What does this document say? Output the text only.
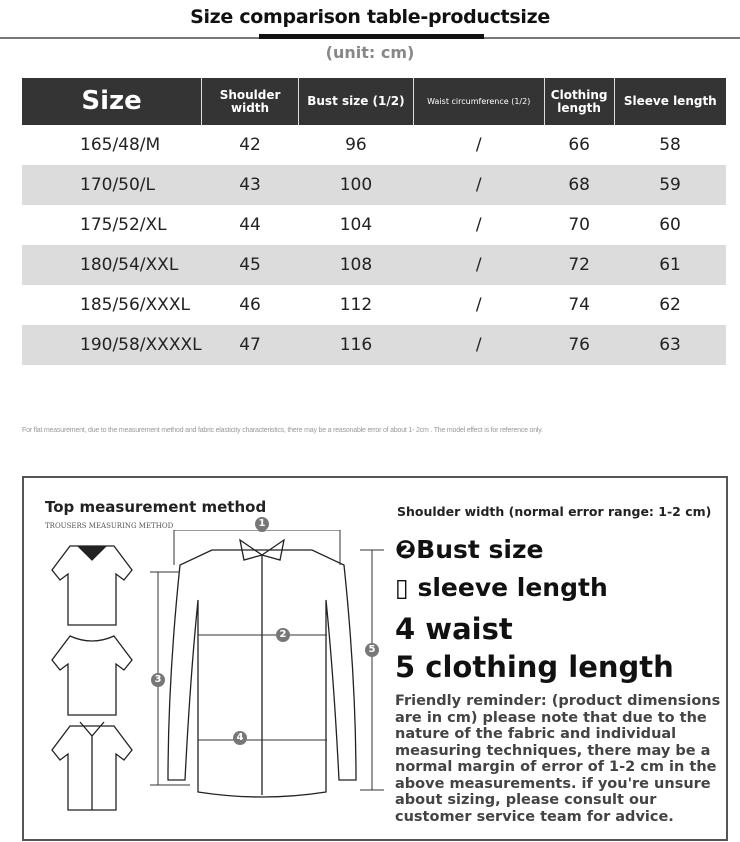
Size comparison table-productsize
(unit: cm)
Size	Shoulder width	Bust size (1/2)	Waist circumference (1/2)	Clothing length	Sleeve length
165/48/M	42	96	/	66	58
170/50/L	43	100	/	68	59
175/52/XL	44	104	/	70	60
180/54/XXL	45	108	/	72	61
185/56/XXXL	46	112	/	74	62
190/58/XXXXL	47	116	/	76	63
For flat measurement, due to the measurement method and fabric elasticity characteristics, there may be a reasonable error of about 1- 2cm . The model effect is for reference only.
Top measurement method
TROUSERS MEASURING METHOD	1
2
3
4
5
Shoulder width (normal error range: 1-2 cm)
❷Bust size
▯ sleeve length
4 waist
5 clothing length
Friendly reminder: (product dimensions are in cm) please note that due to the nature of the fabric and individual measuring techniques, there may be a normal margin of error of 1-2 cm in the above measurements. if you're unsure about sizing, please consult our customer service team for advice.
